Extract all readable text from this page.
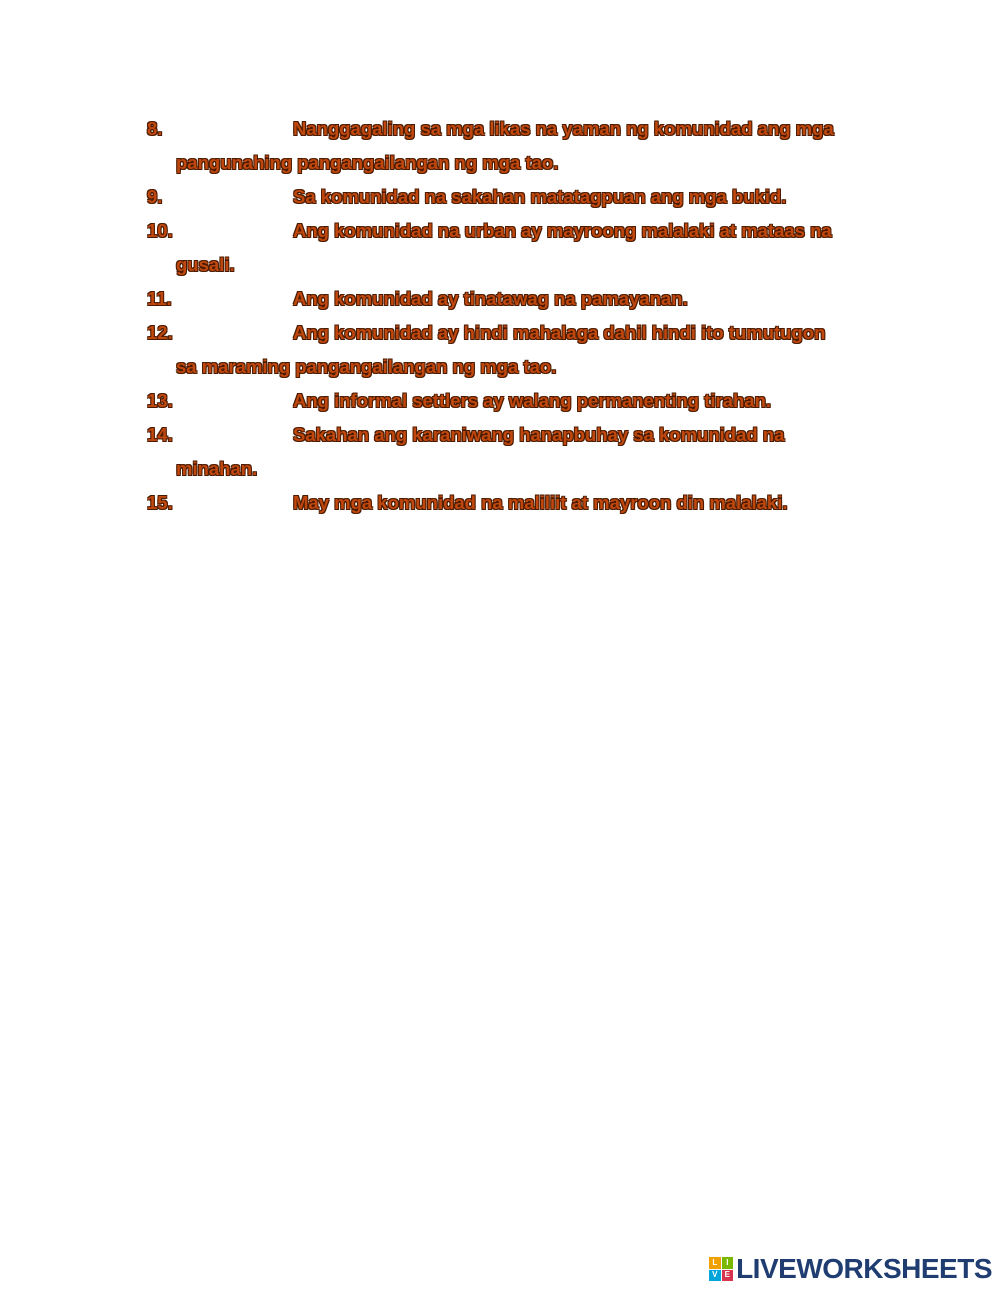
8.	Nanggagaling sa mga likas na yaman ng komunidad ang mga
pangunahing pangangailangan ng mga tao.
9.	Sa komunidad na sakahan matatagpuan ang mga bukid.
10.	Ang komunidad na urban ay mayroong malalaki at mataas na
gusali.
11.	Ang komunidad ay tinatawag na pamayanan.
12.	Ang komunidad ay hindi mahalaga dahil hindi ito tumutugon
sa maraming pangangailangan ng mga tao.
13.	Ang informal settlers ay walang permanenting tirahan.
14.	Sakahan ang karaniwang hanapbuhay sa komunidad na
minahan.
15.	May mga komunidad na maliliit at mayroon din malalaki.
L	I
V E LIVEWORKSHEETS
